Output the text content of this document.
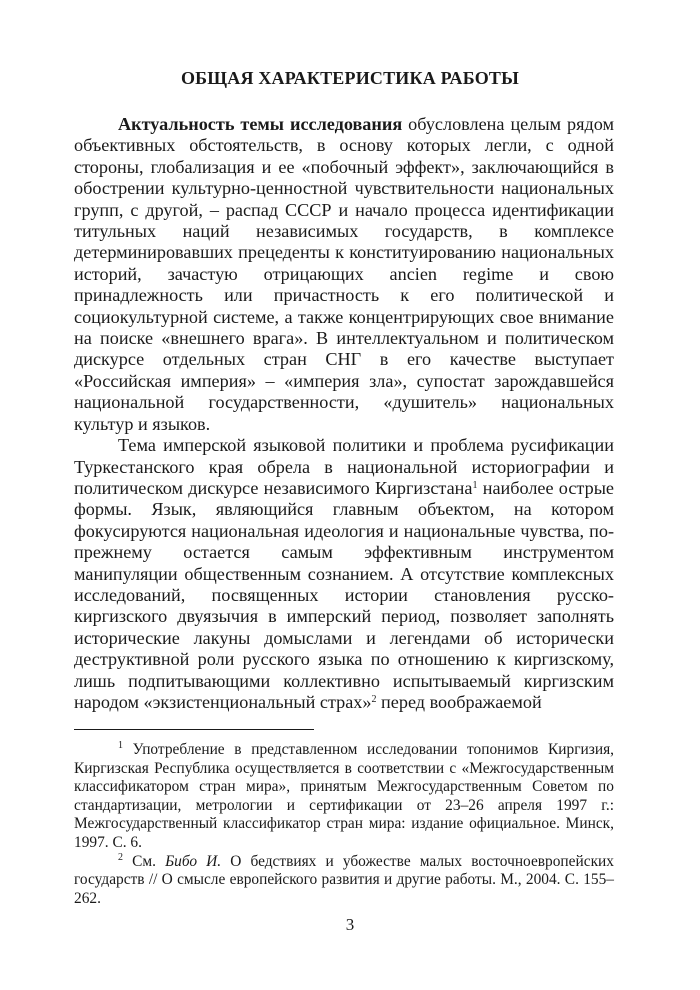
ОБЩАЯ ХАРАКТЕРИСТИКА РАБОТЫ

Актуальность темы исследования обусловлена целым рядом объективных обстоятельств, в основу которых легли, с одной стороны, глобализация и ее «побочный эффект», заключающийся в обострении культурно-ценностной чувствительности национальных групп, с другой, – распад СССР и начало процесса идентификации титульных наций независимых государств, в комплексе детерминировавших прецеденты к конституированию национальных историй, зачастую отрицающих ancien regime и свою принадлежность или причастность к его политической и социокультурной системе, а также концентрирующих свое внимание на поиске «внешнего врага». В интеллектуальном и политическом дискурсе отдельных стран СНГ в его качестве выступает «Российская империя» – «империя зла», супостат зарождавшейся национальной государственности, «душитель» национальных культур и языков.

Тема имперской языковой политики и проблема русификации Туркестанского края обрела в национальной историографии и политическом дискурсе независимого Киргизстана$^1$ наиболее острые формы. Язык, являющийся главным объектом, на котором фокусируются национальная идеология и национальные чувства, по-прежнему остается самым эффективным инструментом манипуляции общественным сознанием. А отсутствие комплексных исследований, посвященных истории становления русско-киргизского двуязычия в имперский период, позволяет заполнять исторические лакуны домыслами и легендами об исторически деструктивной роли русского языка по отношению к киргизскому, лишь подпитывающими коллективно испытываемый киргизским народом «экзистенциональный страх»$^2$ перед воображаемой

$^1$ Употребление в представленном исследовании топонимов Киргизия, Киргизская Республика осуществляется в соответствии с «Межгосударственным классификатором стран мира», принятым Межгосударственным Советом по стандартизации, метрологии и сертификации от 23–26 апреля 1997 г.: Межгосударственный классификатор стран мира: издание официальное. Минск, 1997. С. 6.

$^2$ См. Бибо И. О бедствиях и убожестве малых восточноевропейских государств // О смысле европейского развития и другие работы. М., 2004. С. 155–262.

3
